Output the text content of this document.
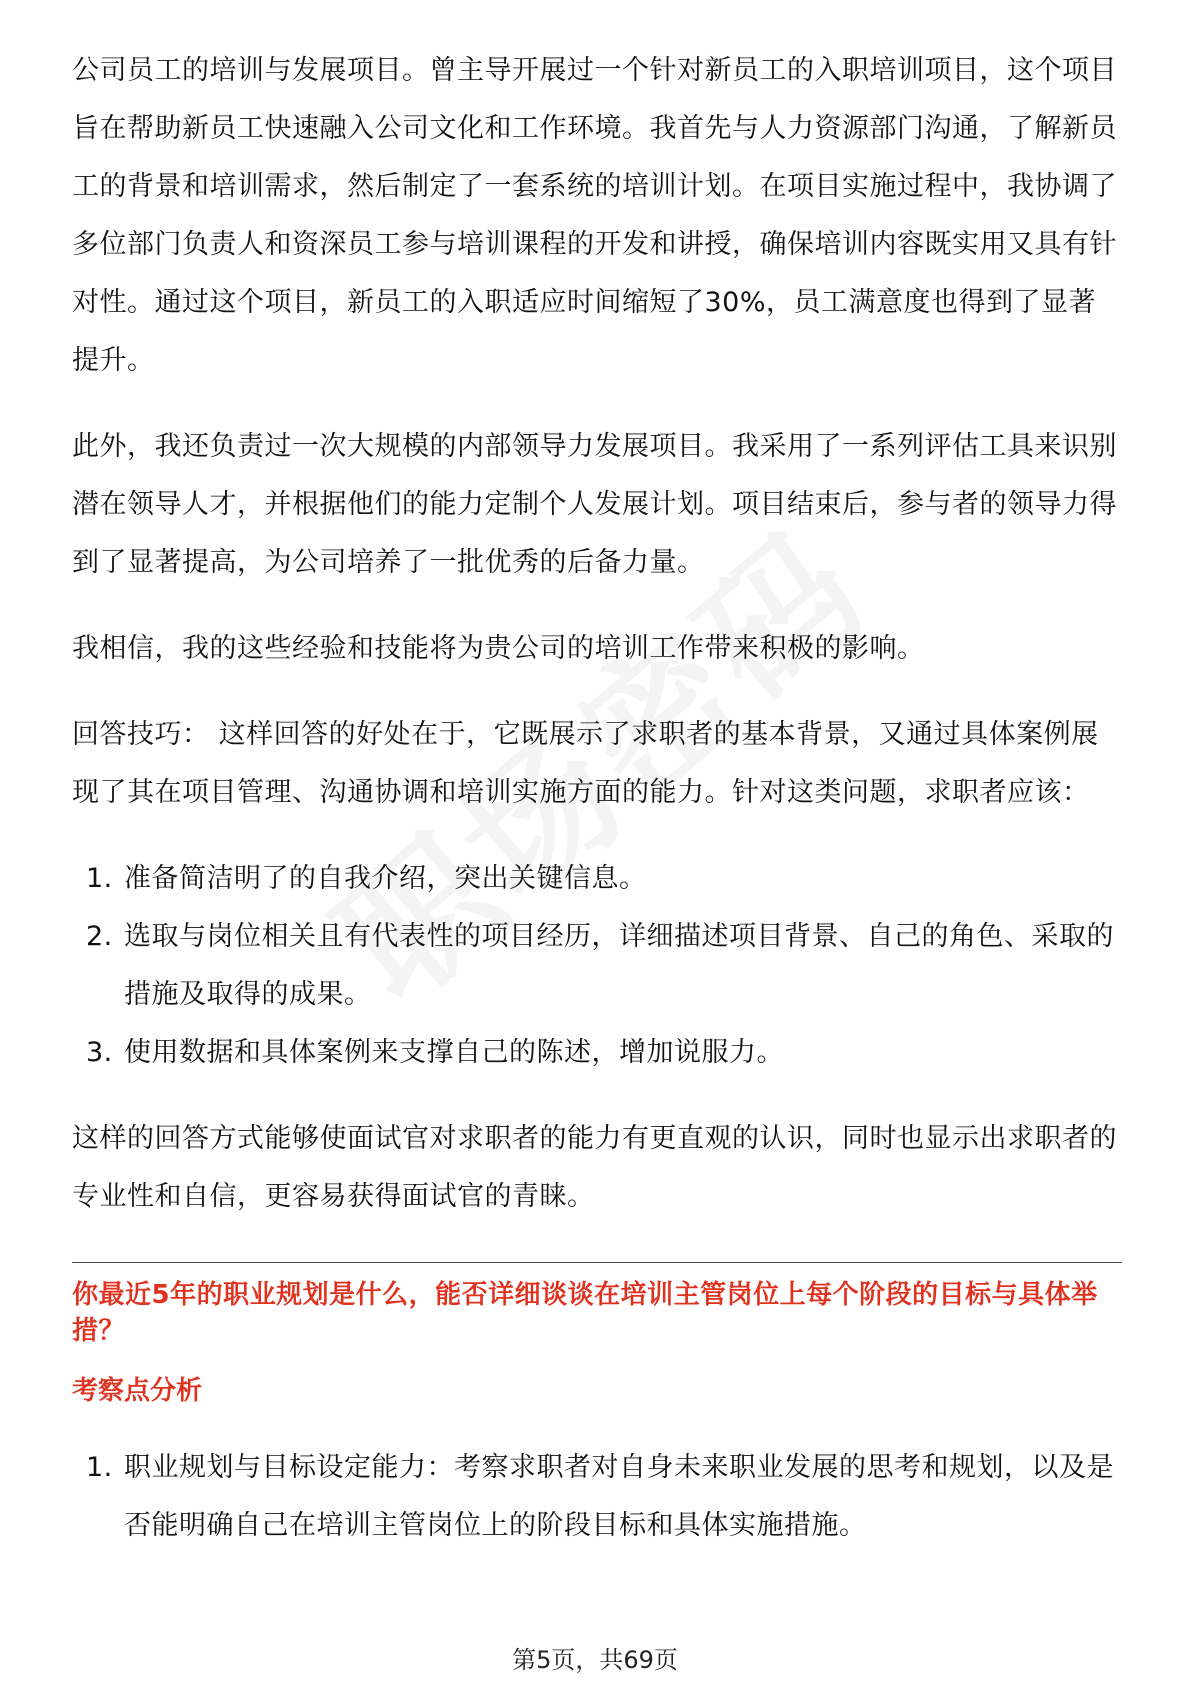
公司员工的培训与发展项目。曾主导开展过一个针对新员工的入职培训项目，这个项目旨在帮助新员工快速融入公司文化和工作环境。我首先与人力资源部门沟通，了解新员工的背景和培训需求，然后制定了一套系统的培训计划。在项目实施过程中，我协调了多位部门负责人和资深员工参与培训课程的开发和讲授，确保培训内容既实用又具有针对性。通过这个项目，新员工的入职适应时间缩短了30%，员工满意度也得到了显著提升。

此外，我还负责过一次大规模的内部领导力发展项目。我采用了一系列评估工具来识别潜在领导人才，并根据他们的能力定制个人发展计划。项目结束后，参与者的领导力得到了显著提高，为公司培养了一批优秀的后备力量。

我相信，我的这些经验和技能将为贵公司的培训工作带来积极的影响。

回答技巧： 这样回答的好处在于，它既展示了求职者的基本背景，又通过具体案例展现了其在项目管理、沟通协调和培训实施方面的能力。针对这类问题，求职者应该：

1. 准备简洁明了的自我介绍，突出关键信息。
2. 选取与岗位相关且有代表性的项目经历，详细描述项目背景、自己的角色、采取的措施及取得的成果。
3. 使用数据和具体案例来支撑自己的陈述，增加说服力。

这样的回答方式能够使面试官对求职者的能力有更直观的认识，同时也显示出求职者的专业性和自信，更容易获得面试官的青睐。

你最近5年的职业规划是什么，能否详细谈谈在培训主管岗位上每个阶段的目标与具体举措？
考察点分析
1. 职业规划与目标设定能力：考察求职者对自身未来职业发展的思考和规划，以及是否能明确自己在培训主管岗位上的阶段目标和具体实施措施。
第5页，共69页
